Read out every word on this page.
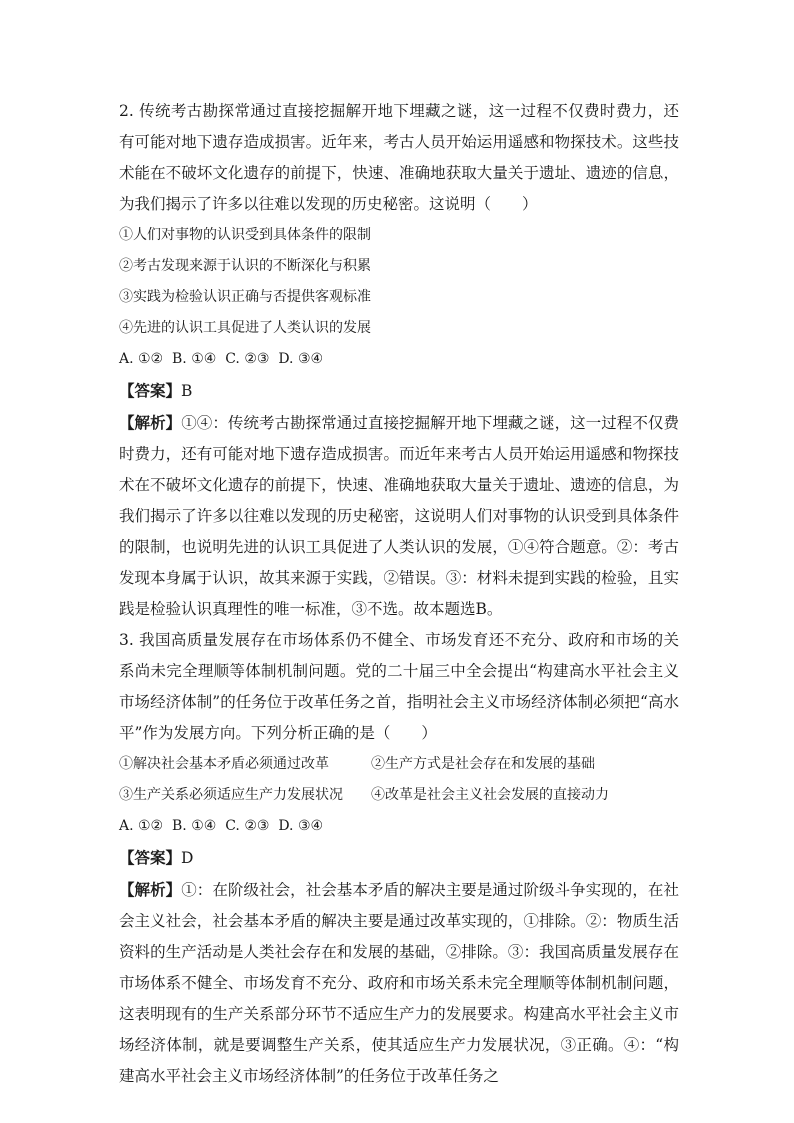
2. 传统考古勘探常通过直接挖掘解开地下埋藏之谜，这一过程不仅费时费力，还有可能对地下遗存造成损害。近年来，考古人员开始运用遥感和物探技术。这些技术能在不破坏文化遗存的前提下，快速、准确地获取大量关于遗址、遗迹的信息，为我们揭示了许多以往难以发现的历史秘密。这说明（　　）

①人们对事物的认识受到具体条件的限制

②考古发现来源于认识的不断深化与积累

③实践为检验认识正确与否提供客观标准

④先进的认识工具促进了人类认识的发展

A. ①②  B. ①④  C. ②③  D. ③④

【答案】B

【解析】①④：传统考古勘探常通过直接挖掘解开地下埋藏之谜，这一过程不仅费时费力，还有可能对地下遗存造成损害。而近年来考古人员开始运用遥感和物探技术在不破坏文化遗存的前提下，快速、准确地获取大量关于遗址、遗迹的信息，为我们揭示了许多以往难以发现的历史秘密，这说明人们对事物的认识受到具体条件的限制，也说明先进的认识工具促进了人类认识的发展，①④符合题意。②：考古发现本身属于认识，故其来源于实践，②错误。③：材料未提到实践的检验，且实践是检验认识真理性的唯一标准，③不选。故本题选B。

3. 我国高质量发展存在市场体系仍不健全、市场发育还不充分、政府和市场的关系尚未完全理顺等体制机制问题。党的二十届三中全会提出“构建高水平社会主义市场经济体制”的任务位于改革任务之首，指明社会主义市场经济体制必须把“高水平”作为发展方向。下列分析正确的是（　　）

①解决社会基本矛盾必须通过改革	②生产方式是社会存在和发展的基础
③生产关系必须适应生产力发展状况	④改革是社会主义社会发展的直接动力

A. ①②  B. ①④  C. ②③  D. ③④

【答案】D

【解析】①：在阶级社会，社会基本矛盾的解决主要是通过阶级斗争实现的，在社会主义社会，社会基本矛盾的解决主要是通过改革实现的，①排除。②：物质生活资料的生产活动是人类社会存在和发展的基础，②排除。③：我国高质量发展存在市场体系不健全、市场发育不充分、政府和市场关系未完全理顺等体制机制问题，这表明现有的生产关系部分环节不适应生产力的发展要求。构建高水平社会主义市场经济体制，就是要调整生产关系，使其适应生产力发展状况，③正确。④：“构建高水平社会主义市场经济体制”的任务位于改革任务之
